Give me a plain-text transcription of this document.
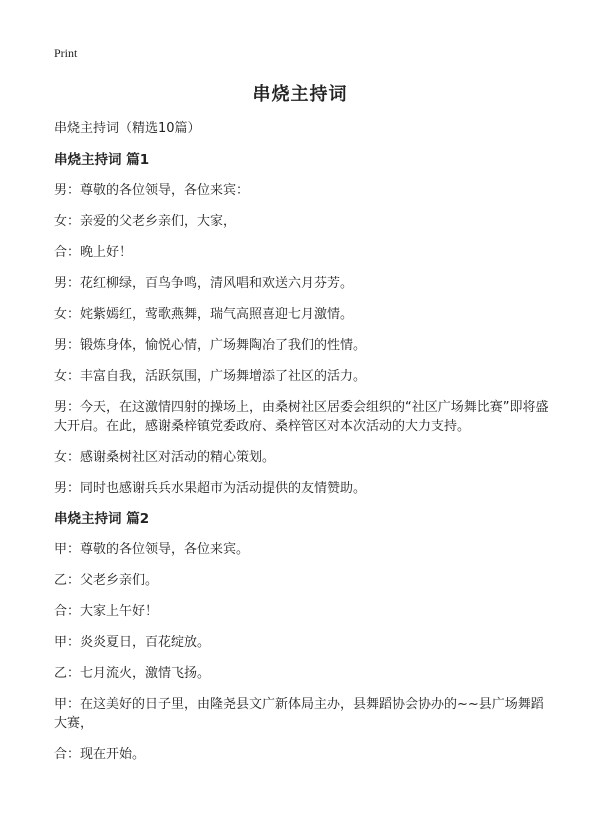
Print
串烧主持词

串烧主持词（精选10篇）

串烧主持词 篇1

男：尊敬的各位领导，各位来宾：

女：亲爱的父老乡亲们，大家，

合：晚上好！

男：花红柳绿，百鸟争鸣，清风唱和欢送六月芬芳。

女：姹紫嫣红，莺歌燕舞，瑞气高照喜迎七月激情。

男：锻炼身体，愉悦心情，广场舞陶冶了我们的性情。

女：丰富自我，活跃氛围，广场舞增添了社区的活力。

男：今天，在这激情四射的操场上，由桑树社区居委会组织的“社区广场舞比赛”即将盛大开启。在此，感谢桑梓镇党委政府、桑梓管区对本次活动的大力支持。

女：感谢桑树社区对活动的精心策划。

男：同时也感谢兵兵水果超市为活动提供的友情赞助。

串烧主持词 篇2

甲：尊敬的各位领导，各位来宾。

乙：父老乡亲们。

合：大家上午好！

甲：炎炎夏日，百花绽放。

乙：七月流火，激情飞扬。

甲：在这美好的日子里，由隆尧县文广新体局主办，县舞蹈协会协办的~~县广场舞蹈大赛，

合：现在开始。
